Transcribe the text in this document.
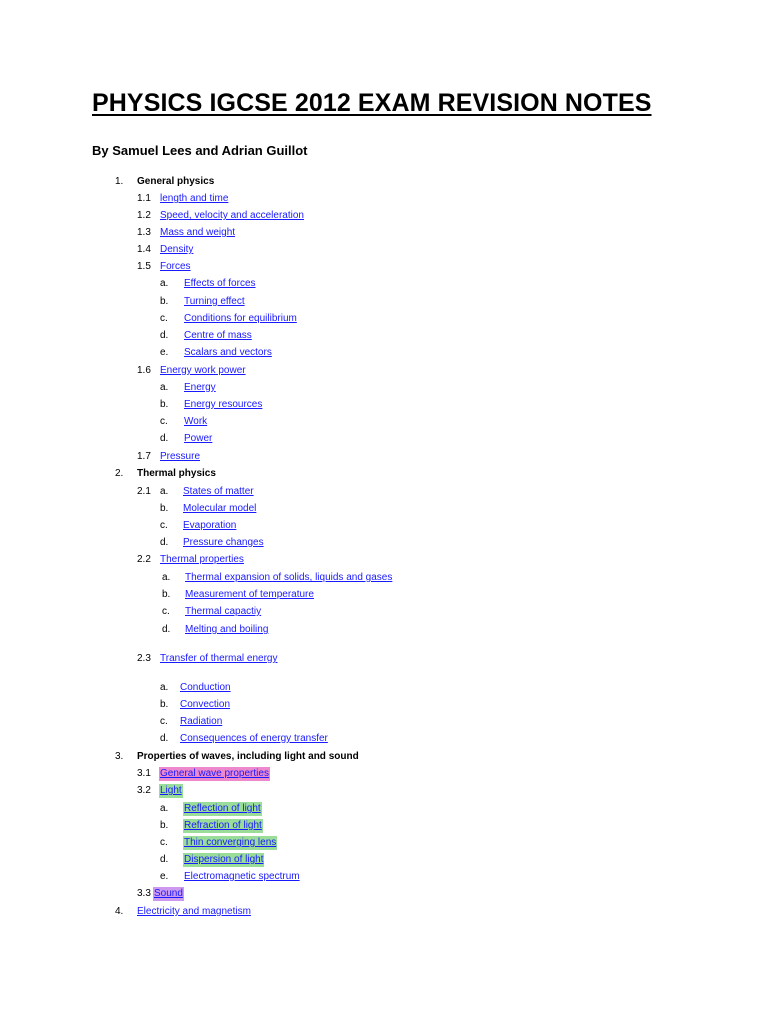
PHYSICS IGCSE 2012 EXAM REVISION NOTES

By Samuel Lees and Adrian Guillot

1. General physics
1.1 length and time
1.2 Speed, velocity and acceleration
1.3 Mass and weight
1.4 Density
1.5 Forces
a. Effects of forces
b. Turning effect
c. Conditions for equilibrium
d. Centre of mass
e. Scalars and vectors
1.6 Energy work power
a. Energy
b. Energy resources
c. Work
d. Power
1.7 Pressure
2. Thermal physics
2.1 a. States of matter
b. Molecular model
c. Evaporation
d. Pressure changes
2.2 Thermal properties
a. Thermal expansion of solids, liquids and gases
b. Measurement of temperature
c. Thermal capactiy
d. Melting and boiling
2.3 Transfer of thermal energy
a. Conduction
b. Convection
c. Radiation
d. Consequences of energy transfer
3. Properties of waves, including light and sound
3.1 General wave properties
3.2 Light
a. Reflection of light
b. Refraction of light
c. Thin converging lens
d. Dispersion of light
e. Electromagnetic spectrum
3.3 Sound
4. Electricity and magnetism
